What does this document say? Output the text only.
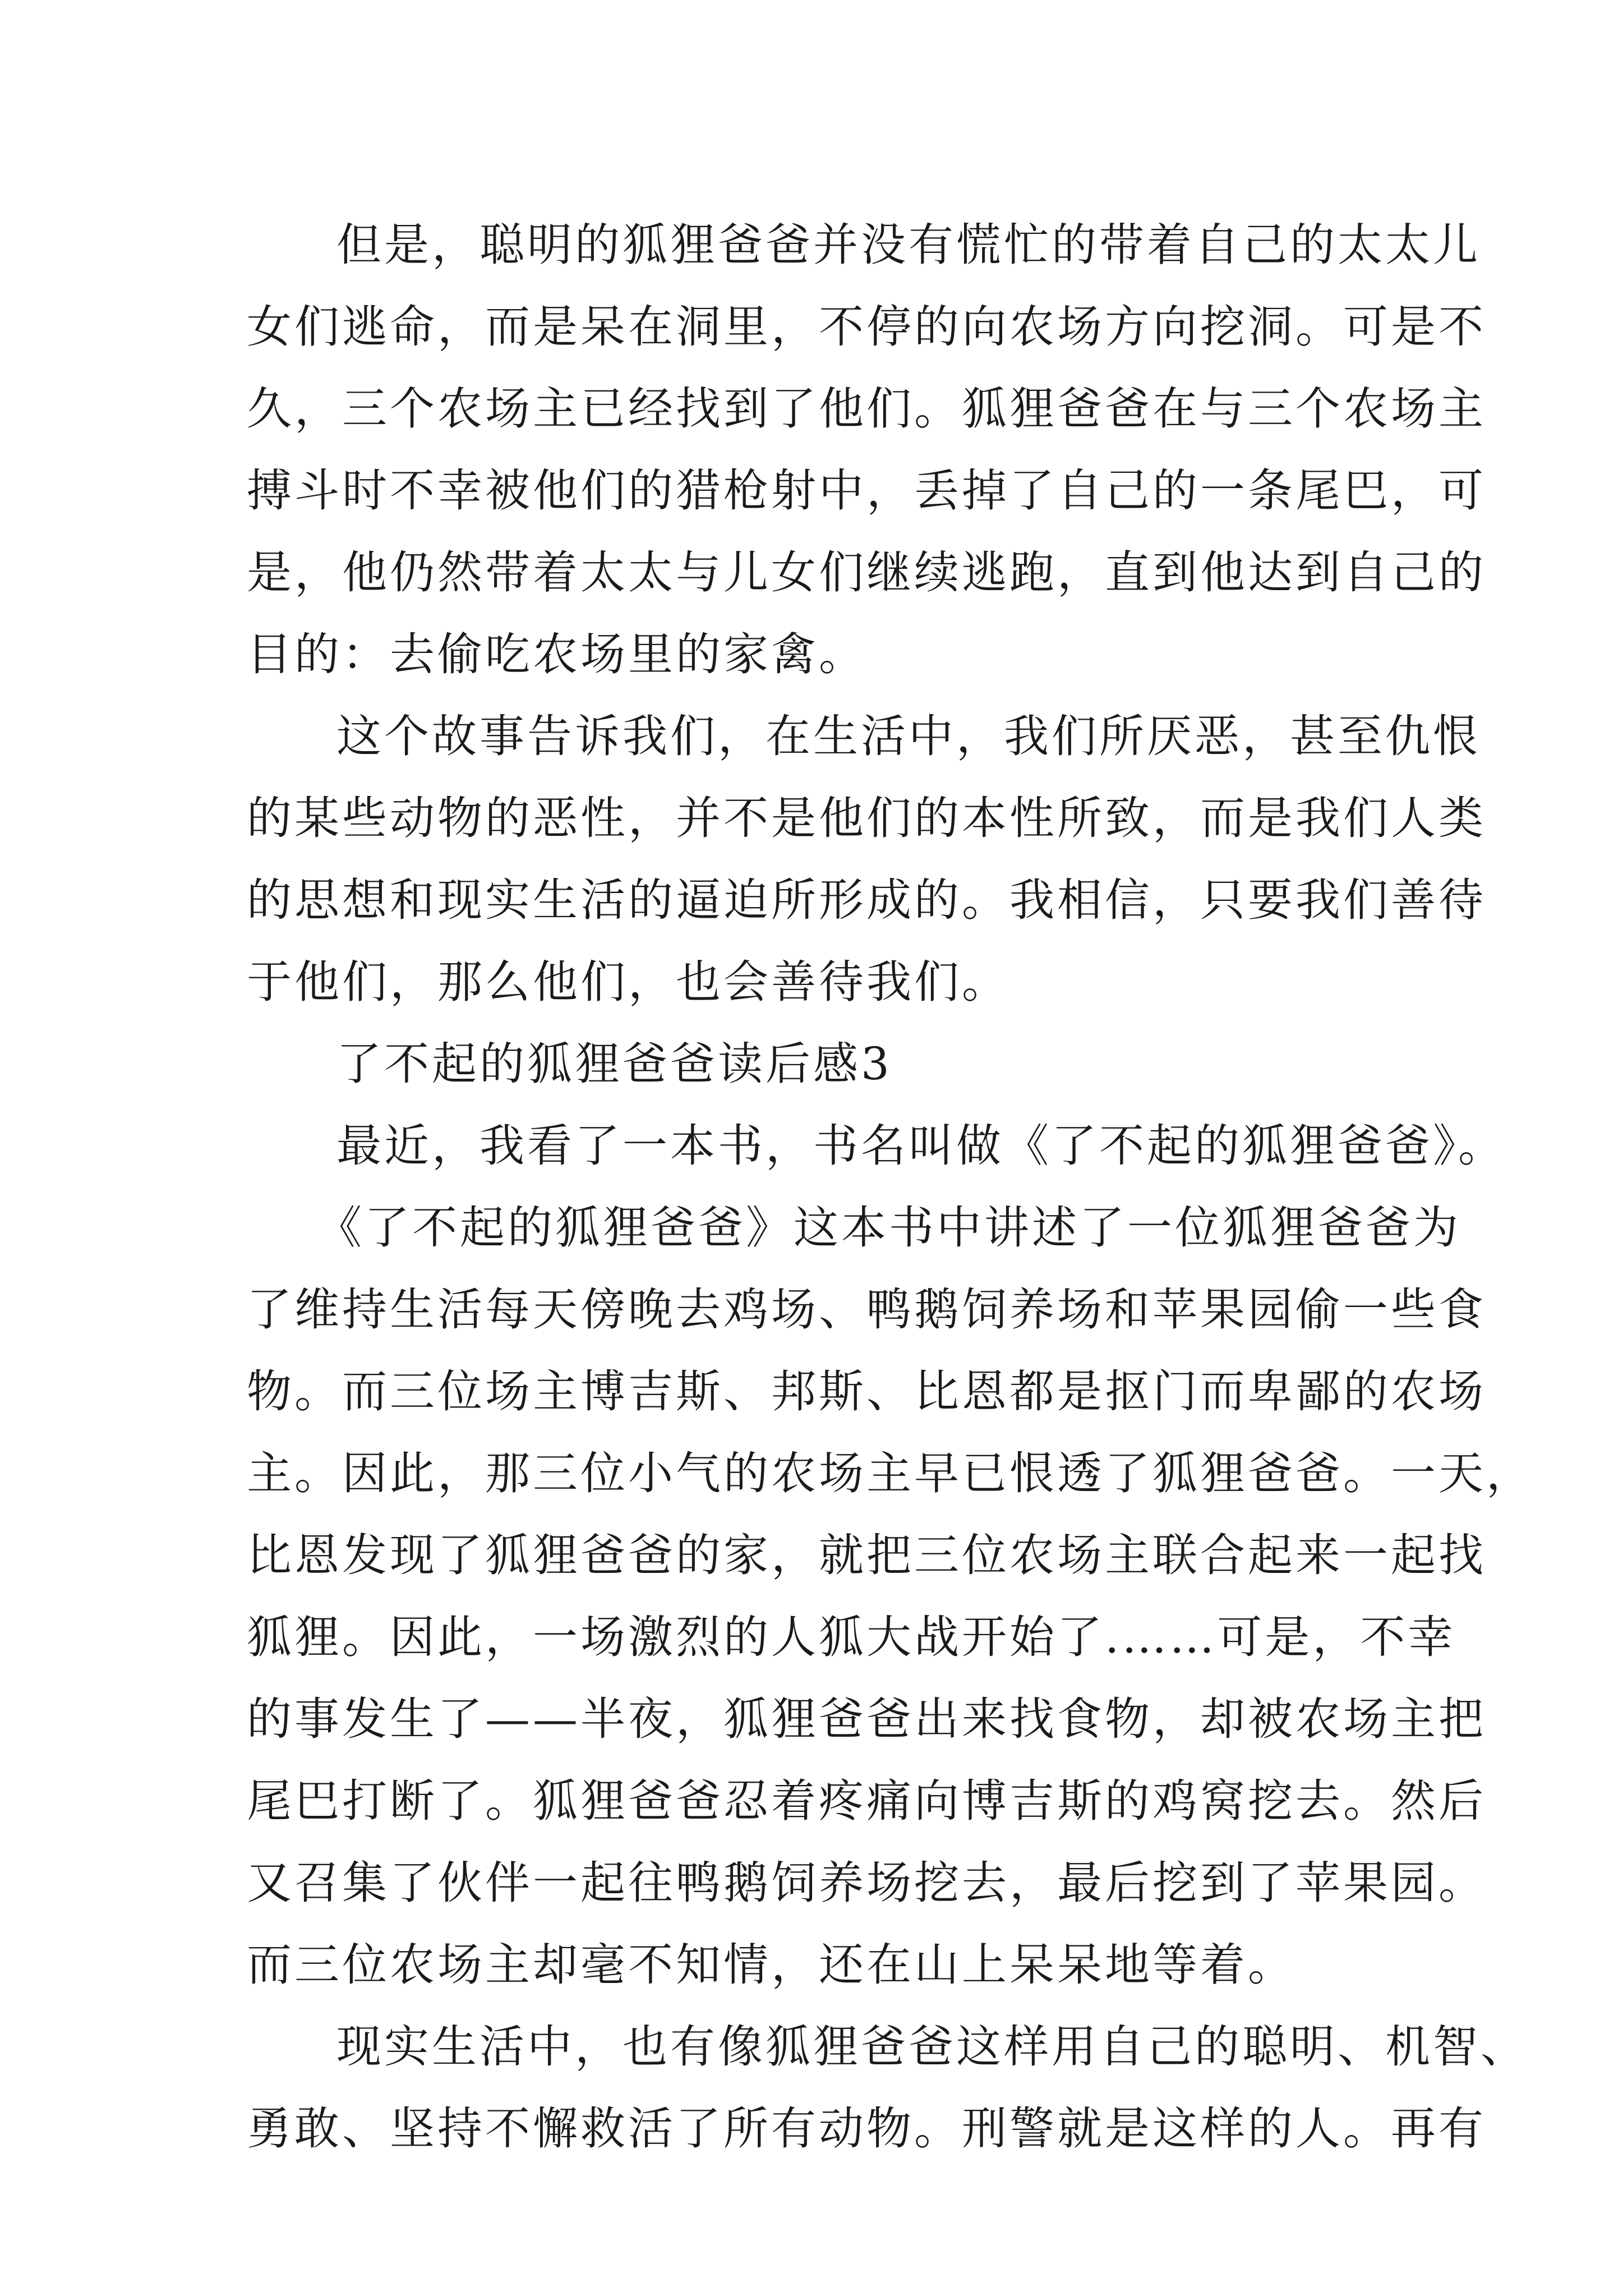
但是，聪明的狐狸爸爸并没有慌忙的带着自己的太太儿
女们逃命，而是呆在洞里，不停的向农场方向挖洞。可是不
久，三个农场主已经找到了他们。狐狸爸爸在与三个农场主
搏斗时不幸被他们的猎枪射中，丢掉了自己的一条尾巴，可
是，他仍然带着太太与儿女们继续逃跑，直到他达到自己的
目的：去偷吃农场里的家禽。
这个故事告诉我们，在生活中，我们所厌恶，甚至仇恨
的某些动物的恶性，并不是他们的本性所致，而是我们人类
的思想和现实生活的逼迫所形成的。我相信，只要我们善待
于他们，那么他们，也会善待我们。
了不起的狐狸爸爸读后感3
最近，我看了一本书，书名叫做《了不起的狐狸爸爸》。
《了不起的狐狸爸爸》这本书中讲述了一位狐狸爸爸为
了维持生活每天傍晚去鸡场、鸭鹅饲养场和苹果园偷一些食
物。而三位场主博吉斯、邦斯、比恩都是抠门而卑鄙的农场
主。因此，那三位小气的农场主早已恨透了狐狸爸爸。一天，
比恩发现了狐狸爸爸的家，就把三位农场主联合起来一起找
狐狸。因此，一场激烈的人狐大战开始了.……可是，不幸
的事发生了——半夜，狐狸爸爸出来找食物，却被农场主把
尾巴打断了。狐狸爸爸忍着疼痛向博吉斯的鸡窝挖去。然后
又召集了伙伴一起往鸭鹅饲养场挖去，最后挖到了苹果园。
而三位农场主却毫不知情，还在山上呆呆地等着。
现实生活中，也有像狐狸爸爸这样用自己的聪明、机智、
勇敢、坚持不懈救活了所有动物。刑警就是这样的人。再有
